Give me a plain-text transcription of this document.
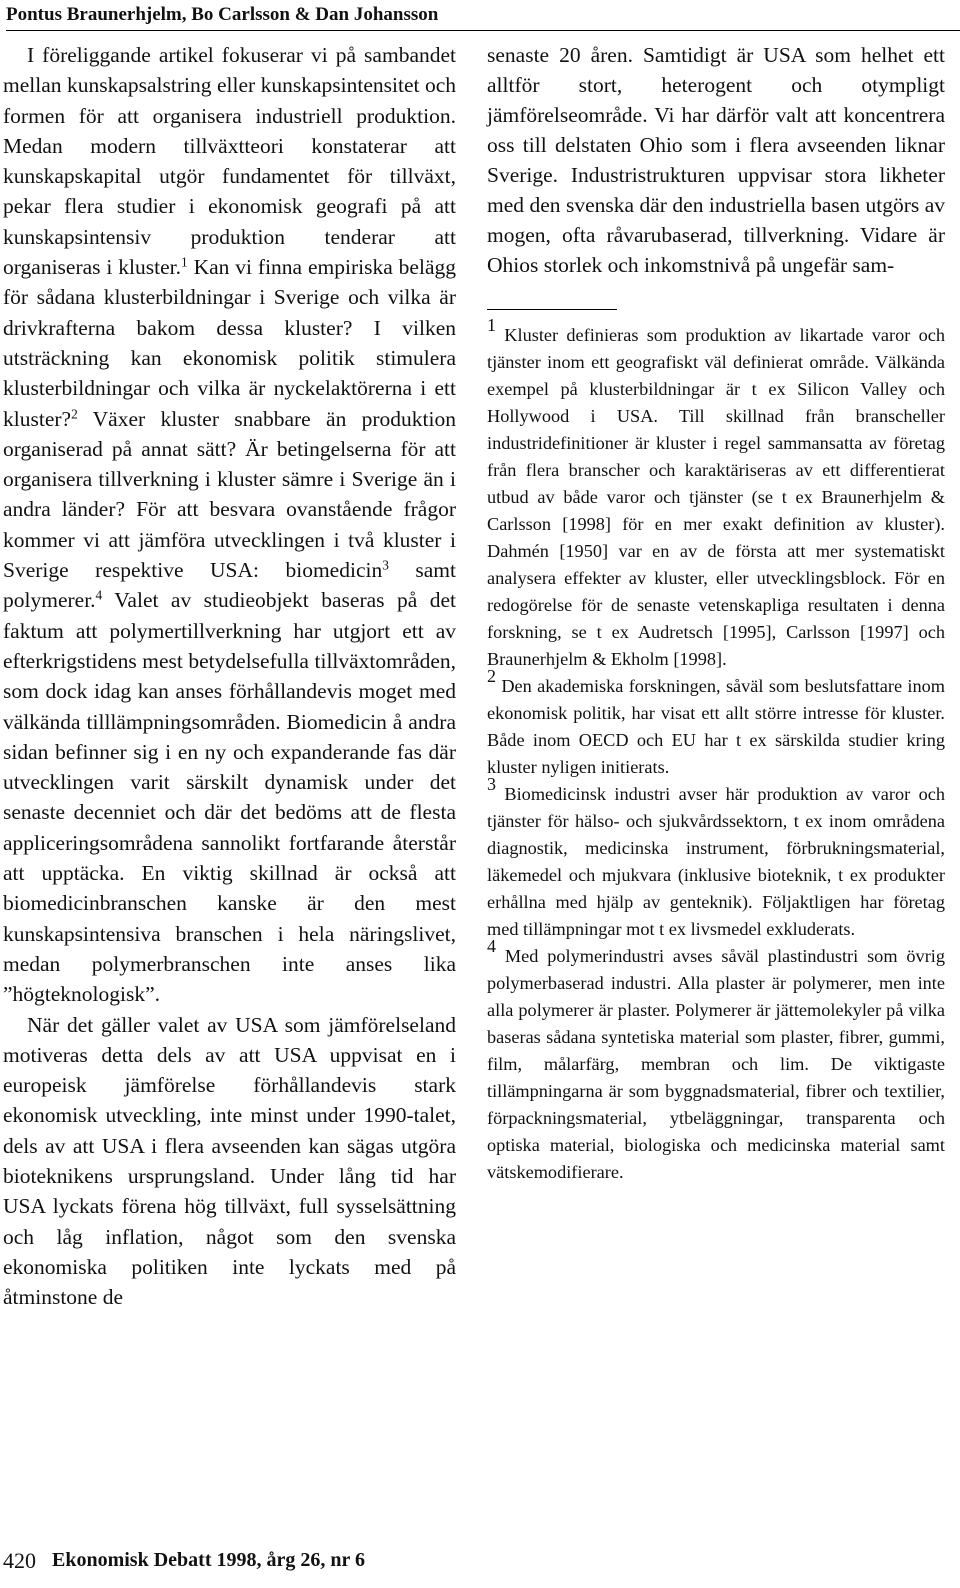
Pontus Braunerhjelm, Bo Carlsson & Dan Johansson

I föreliggande artikel fokuserar vi på sambandet mellan kunskapsalstring eller kunskapsintensitet och formen för att organisera industriell produktion. Medan modern tillväxtteori konstaterar att kunskapskapital utgör fundamentet för tillväxt, pekar flera studier i ekonomisk geografi på att kunskapsintensiv produktion tenderar att organiseras i kluster.$^1$ Kan vi finna empiriska belägg för sådana klusterbildningar i Sverige och vilka är drivkrafterna bakom dessa kluster? I vilken utsträckning kan ekonomisk politik stimulera klusterbildningar och vilka är nyckelaktörerna i ett kluster?$^2$ Växer kluster snabbare än produktion organiserad på annat sätt? Är betingelserna för att organisera tillverkning i kluster sämre i Sverige än i andra länder? För att besvara ovanstående frågor kommer vi att jämföra utvecklingen i två kluster i Sverige respektive USA: biomedicin$^3$ samt polymerer.$^4$ Valet av studieobjekt baseras på det faktum att polymertillverkning har utgjort ett av efterkrigstidens mest betydelsefulla tillväxtområden, som dock idag kan anses förhållandevis moget med välkända tilllämpningsområden. Biomedicin å andra sidan befinner sig i en ny och expanderande fas där utvecklingen varit särskilt dynamisk under det senaste decenniet och där det bedöms att de flesta appliceringsområdena sannolikt fortfarande återstår att upptäcka. En viktig skillnad är också att biomedicinbranschen kanske är den mest kunskapsintensiva branschen i hela näringslivet, medan polymerbranschen inte anses lika ”högteknologisk”.

När det gäller valet av USA som jämförelseland motiveras detta dels av att USA uppvisat en i europeisk jämförelse förhållandevis stark ekonomisk utveckling, inte minst under 1990-talet, dels av att USA i flera avseenden kan sägas utgöra bioteknikens ursprungsland. Under lång tid har USA lyckats förena hög tillväxt, full sysselsättning och låg inflation, något som den svenska ekonomiska politiken inte lyckats med på åtminstone de

senaste 20 åren. Samtidigt är USA som helhet ett alltför stort, heterogent och otympligt jämförelseområde. Vi har därför valt att koncentrera oss till delstaten Ohio som i flera avseenden liknar Sverige. Industristrukturen uppvisar stora likheter med den svenska där den industriella basen utgörs av mogen, ofta råvarubaserad, tillverkning. Vidare är Ohios storlek och inkomstnivå på ungefär sam-

$^1$ Kluster definieras som produktion av likartade varor och tjänster inom ett geografiskt väl definierat område. Välkända exempel på klusterbildningar är t ex Silicon Valley och Hollywood i USA. Till skillnad från branscheller industridefinitioner är kluster i regel sammansatta av företag från flera branscher och karaktäriseras av ett differentierat utbud av både varor och tjänster (se t ex Braunerhjelm & Carlsson [1998] för en mer exakt definition av kluster). Dahmén [1950] var en av de första att mer systematiskt analysera effekter av kluster, eller utvecklingsblock. För en redogörelse för de senaste vetenskapliga resultaten i denna forskning, se t ex Audretsch [1995], Carlsson [1997] och Braunerhjelm & Ekholm [1998].

$^2$ Den akademiska forskningen, såväl som beslutsfattare inom ekonomisk politik, har visat ett allt större intresse för kluster. Både inom OECD och EU har t ex särskilda studier kring kluster nyligen initierats.

$^3$ Biomedicinsk industri avser här produktion av varor och tjänster för hälso- och sjukvårdssektorn, t ex inom områdena diagnostik, medicinska instrument, förbrukningsmaterial, läkemedel och mjukvara (inklusive bioteknik, t ex produkter erhållna med hjälp av genteknik). Följaktligen har företag med tillämpningar mot t ex livsmedel exkluderats.

$^4$ Med polymerindustri avses såväl plastindustri som övrig polymerbaserad industri. Alla plaster är polymerer, men inte alla polymerer är plaster. Polymerer är jättemolekyler på vilka baseras sådana syntetiska material som plaster, fibrer, gummi, film, målarfärg, membran och lim. De viktigaste tillämpningarna är som byggnadsmaterial, fibrer och textilier, förpackningsmaterial, ytbeläggningar, transparenta och optiska material, biologiska och medicinska material samt vätskemodifierare.

420 Ekonomisk Debatt 1998, årg 26, nr 6
